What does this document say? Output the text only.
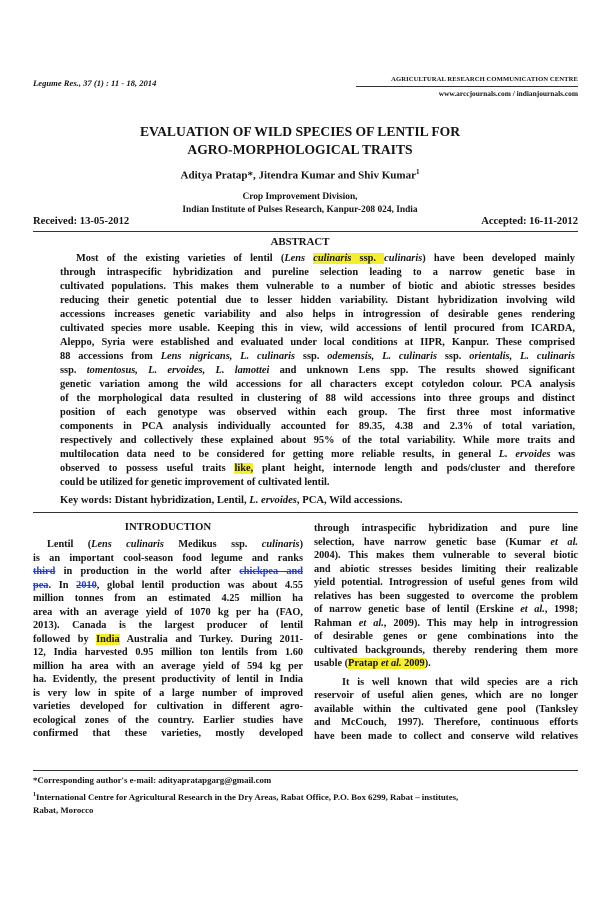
Legume Res., 37 (1) : 11 - 18, 2014	AGRICULTURAL RESEARCH COMMUNICATION CENTRE
www.arccjournals.com / indianjournals.com
EVALUATION OF WILD SPECIES OF LENTIL FOR
AGRO-MORPHOLOGICAL TRAITS
Aditya Pratap*, Jitendra Kumar and Shiv Kumar$^1$
Crop Improvement Division,
Indian Institute of Pulses Research, Kanpur-208 024, India
Received: 13-05-2012	Accepted: 16-11-2012
ABSTRACT
Most of the existing varieties of lentil (Lens culinaris ssp. culinaris) have been developed mainly
through intraspecific hybridization and pureline selection leading to a narrow genetic base in
cultivated populations. This makes them vulnerable to a number of biotic and abiotic stresses besides
reducing their genetic potential due to lesser hidden variability. Distant hybridization involving wild
accessions increases genetic variability and also helps in introgression of desirable genes rendering
cultivated species more usable. Keeping this in view, wild accessions of lentil procured from ICARDA,
Aleppo, Syria were established and evaluated under local conditions at IIPR, Kanpur. These comprised
88 accessions from Lens nigricans, L. culinaris ssp. odemensis, L. culinaris ssp. orientalis, L. culinaris
ssp. tomentosus, L. ervoides, L. lamottei and unknown Lens spp. The results showed significant
genetic variation among the wild accessions for all characters except cotyledon colour. PCA analysis
of the morphological data resulted in clustering of 88 wild accessions into three groups and distinct
position of each genotype was observed within each group. The first three most informative
components in PCA analysis individually accounted for 89.35, 4.38 and 2.3% of total variation,
respectively and collectively these explained about 95% of the total variability. While more traits and
multilocation data need to be considered for getting more reliable results, in general L. ervoides was
observed to possess useful traits like, plant height, internode length and pods/cluster and therefore
could be utilized for genetic improvement of cultivated lentil.
Key words: Distant hybridization, Lentil, L. ervoides, PCA, Wild accessions.
INTRODUCTION
Lentil (Lens culinaris Medikus ssp. culinaris)
is an important cool-season food legume and ranks
third in production in the world after chickpea and
pea. In 2010, global lentil production was about 4.55
million tonnes from an estimated 4.25 million ha
area with an average yield of 1070 kg per ha (FAO,
2013). Canada is the largest producer of lentil
followed by India Australia and Turkey. During 2011-
12, India harvested 0.95 million ton lentils from 1.60
million ha area with an average yield of 594 kg per
ha. Evidently, the present productivity of lentil in India
is very low in spite of a large number of improved
varieties developed for cultivation in different agro-
ecological zones of the country. Earlier studies have
confirmed that these varieties, mostly developed
through intraspecific hybridization and pure line
selection, have narrow genetic base (Kumar et al.
2004). This makes them vulnerable to several biotic
and abiotic stresses besides limiting their realizable
yield potential. Introgression of useful genes from wild
relatives has been suggested to overcome the problem
of narrow genetic base of lentil (Erskine et al., 1998;
Rahman et al., 2009). This may help in introgression
of desirable genes or gene combinations into the
cultivated backgrounds, thereby rendering them more
usable (Pratap et al. 2009).
It is well known that wild species are a rich
reservoir of useful alien genes, which are no longer
available within the cultivated gene pool (Tanksley
and McCouch, 1997). Therefore, continuous efforts
have been made to collect and conserve wild relatives
*Corresponding author's e-mail: adityapratapgarg@gmail.com
$^1$International Centre for Agricultural Research in the Dry Areas, Rabat Office, P.O. Box 6299, Rabat – institutes,
Rabat, Morocco
